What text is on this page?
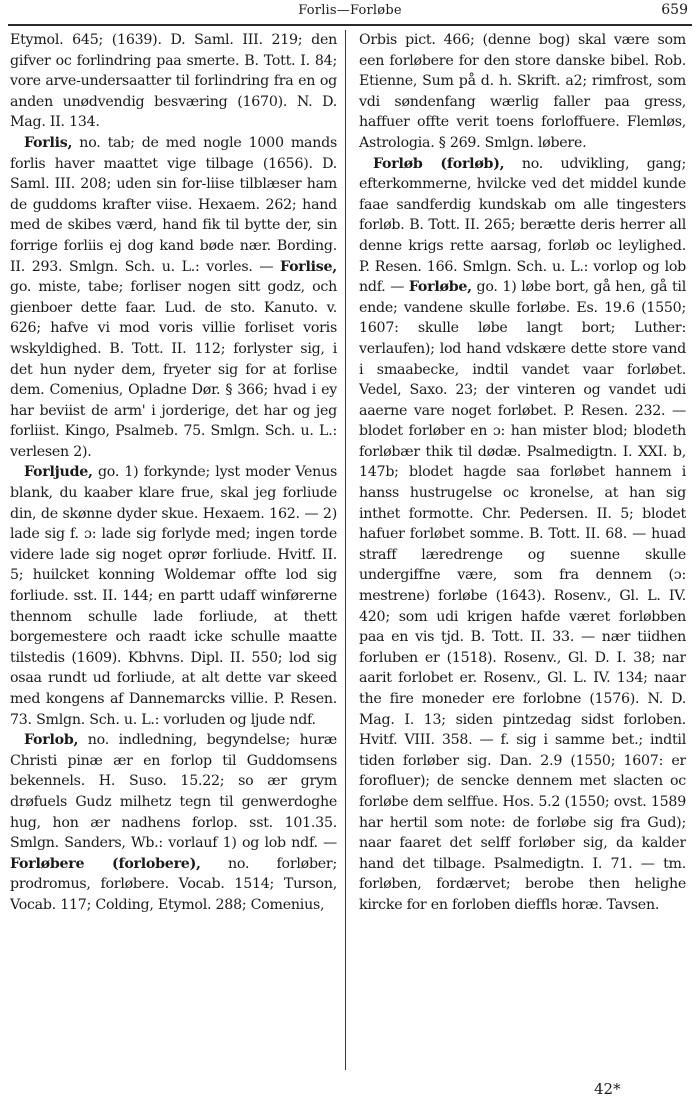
Forlis—Forløbe	659

Etymol. 645; (1639). D. Saml. III. 219; den gifver oc forlindring paa smerte. B. Tott. I. 84; vore arve-undersaatter til forlindring fra en og anden unødvendig besværing (1670). N. D. Mag. II. 134.

Forlis, no. tab; de med nogle 1000 mands forlis haver maattet vige tilbage (1656). D. Saml. III. 208; uden sin for-liise tilblæser ham de guddoms krafter viise. Hexaem. 262; hand med de skibes værd, hand fik til bytte der, sin forrige forliis ej dog kand bøde nær. Bording. II. 293. Smlgn. Sch. u. L.: vorles. — Forlise, go. miste, tabe; forliser nogen sitt godz, och gienboer dette faar. Lud. de sto. Kanuto. v. 626; hafve vi mod voris villie forliset voris wskyldighed. B. Tott. II. 112; forlyster sig, i det hun nyder dem, fryeter sig for at forlise dem. Comenius, Opladne Dør. § 366; hvad i ey har beviist de arm' i jorderige, det har og jeg forliist. Kingo, Psalmeb. 75. Smlgn. Sch. u. L.: verlesen 2).

Forljude, go. 1) forkynde; lyst moder Venus blank, du kaaber klare frue, skal jeg forliude din, de skønne dyder skue. Hexaem. 162. — 2) lade sig f. ɔ: lade sig forlyde med; ingen torde videre lade sig noget oprør forliude. Hvitf. II. 5; huilcket konning Woldemar offte lod sig forliude. sst. II. 144; en partt udaff winførerne thennom schulle lade forliude, at thett borgemestere och raadt icke schulle maatte tilstedis (1609). Kbhvns. Dipl. II. 550; lod sig osaa rundt ud forliude, at alt dette var skeed med kongens af Dannemarcks villie. P. Resen. 73. Smlgn. Sch. u. L.: vorluden og ljude ndf.

Forlob, no. indledning, begyndelse; huræ Christi pinæ ær en forlop til Guddomsens bekennels. H. Suso. 15.22; so ær grym drøfuels Gudz milhetz tegn til genwerdoghe hug, hon ær nadhens forlop. sst. 101.35. Smlgn. Sanders, Wb.: vorlauf 1) og lob ndf. — Forløbere (forlobere), no. forløber; prodromus, forløbere. Vocab. 1514; Turson, Vocab. 117; Colding, Etymol. 288; Comenius,

Orbis pict. 466; (denne bog) skal være som een forløbere for den store danske bibel. Rob. Etienne, Sum på d. h. Skrift. a2; rimfrost, som vdi søndenfang wærlig faller paa gress, haffuer offte verit toens forloffuere. Flemløs, Astrologia. § 269. Smlgn. løbere.

Forløb (forløb), no. udvikling, gang; efterkommerne, hvilcke ved det middel kunde faae sandferdig kundskab om alle tingesters forløb. B. Tott. II. 265; berætte deris herrer all denne krigs rette aarsag, forløb oc leylighed. P. Resen. 166. Smlgn. Sch. u. L.: vorlop og lob ndf. — Forløbe, go. 1) løbe bort, gå hen, gå til ende; vandene skulle forløbe. Es. 19.6 (1550; 1607: skulle løbe langt bort; Luther: verlaufen); lod hand vdskære dette store vand i smaabecke, indtil vandet vaar forløbet. Vedel, Saxo. 23; der vinteren og vandet udi aaerne vare noget forløbet. P. Resen. 232. — blodet forløber en ɔ: han mister blod; blodeth forløbær thik til dødæ. Psalmedigtn. I. XXI. b, 147b; blodet hagde saa forløbet hannem i hanss hustrugelse oc kronelse, at han sig inthet formotte. Chr. Pedersen. II. 5; blodet hafuer forløbet somme. B. Tott. II. 68. — huad straff læredrenge og suenne skulle undergiffne være, som fra dennem (ɔ: mestrene) forløbe (1643). Rosenv., Gl. L. IV. 420; som udi krigen hafde været forløbben paa en vis tjd. B. Tott. II. 33. — nær tiidhen forluben er (1518). Rosenv., Gl. D. I. 38; nar aarit forlobet er. Rosenv., Gl. L. IV. 134; naar the fire moneder ere forlobne (1576). N. D. Mag. I. 13; siden pintzedag sidst forloben. Hvitf. VIII. 358. — f. sig i samme bet.; indtil tiden forløber sig. Dan. 2.9 (1550; 1607: er forofluer); de sencke dennem met slacten oc forløbe dem selffue. Hos. 5.2 (1550; ovst. 1589 har hertil som note: de forløbe sig fra Gud); naar faaret det selff forløber sig, da kalder hand det tilbage. Psalmedigtn. I. 71. — tm. forløben, fordærvet; berobe then helighe kircke for en forloben dieffls horæ. Tavsen.

42*
